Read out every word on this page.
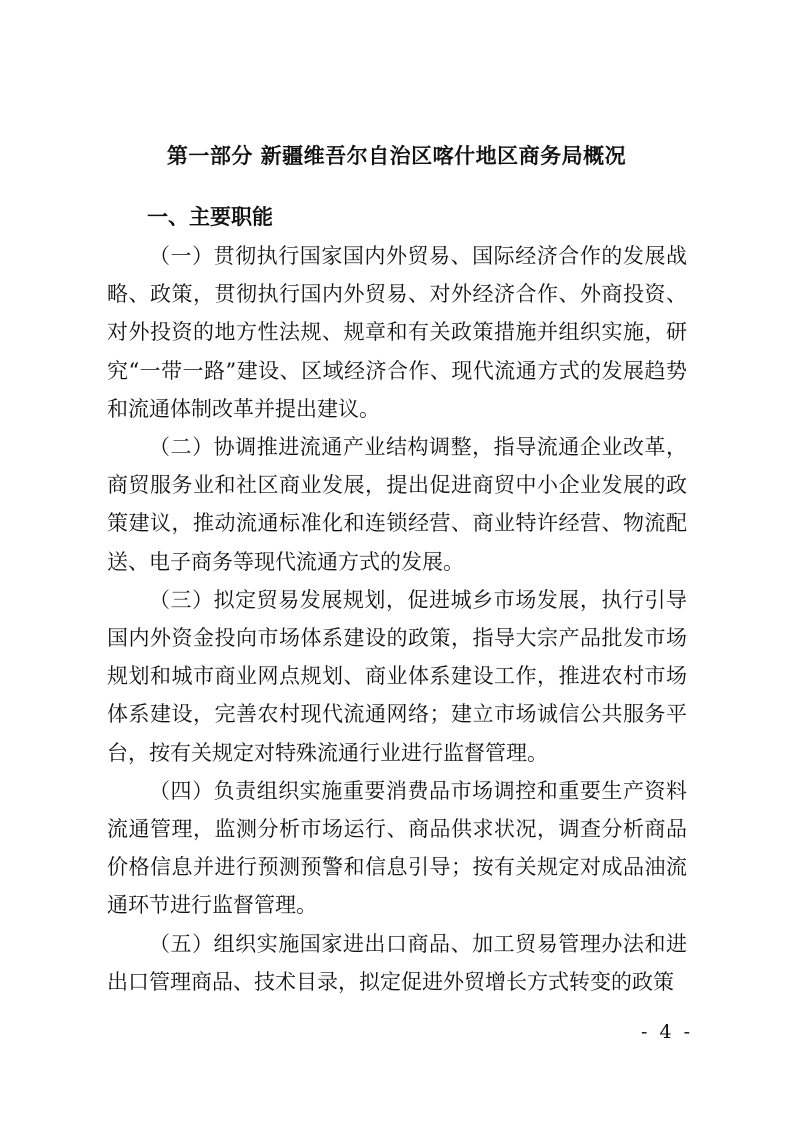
第一部分 新疆维吾尔自治区喀什地区商务局概况
一、主要职能

（一）贯彻执行国家国内外贸易、国际经济合作的发展战略、政策，贯彻执行国内外贸易、对外经济合作、外商投资、对外投资的地方性法规、规章和有关政策措施并组织实施，研究“一带一路”建设、区域经济合作、现代流通方式的发展趋势和流通体制改革并提出建议。

（二）协调推进流通产业结构调整，指导流通企业改革，商贸服务业和社区商业发展，提出促进商贸中小企业发展的政策建议，推动流通标准化和连锁经营、商业特许经营、物流配送、电子商务等现代流通方式的发展。

（三）拟定贸易发展规划，促进城乡市场发展，执行引导国内外资金投向市场体系建设的政策，指导大宗产品批发市场规划和城市商业网点规划、商业体系建设工作，推进农村市场体系建设，完善农村现代流通网络；建立市场诚信公共服务平台，按有关规定对特殊流通行业进行监督管理。

（四）负责组织实施重要消费品市场调控和重要生产资料流通管理，监测分析市场运行、商品供求状况，调查分析商品价格信息并进行预测预警和信息引导；按有关规定对成品油流通环节进行监督管理。

（五）组织实施国家进出口商品、加工贸易管理办法和进出口管理商品、技术目录，拟定促进外贸增长方式转变的政策

- 4 -
